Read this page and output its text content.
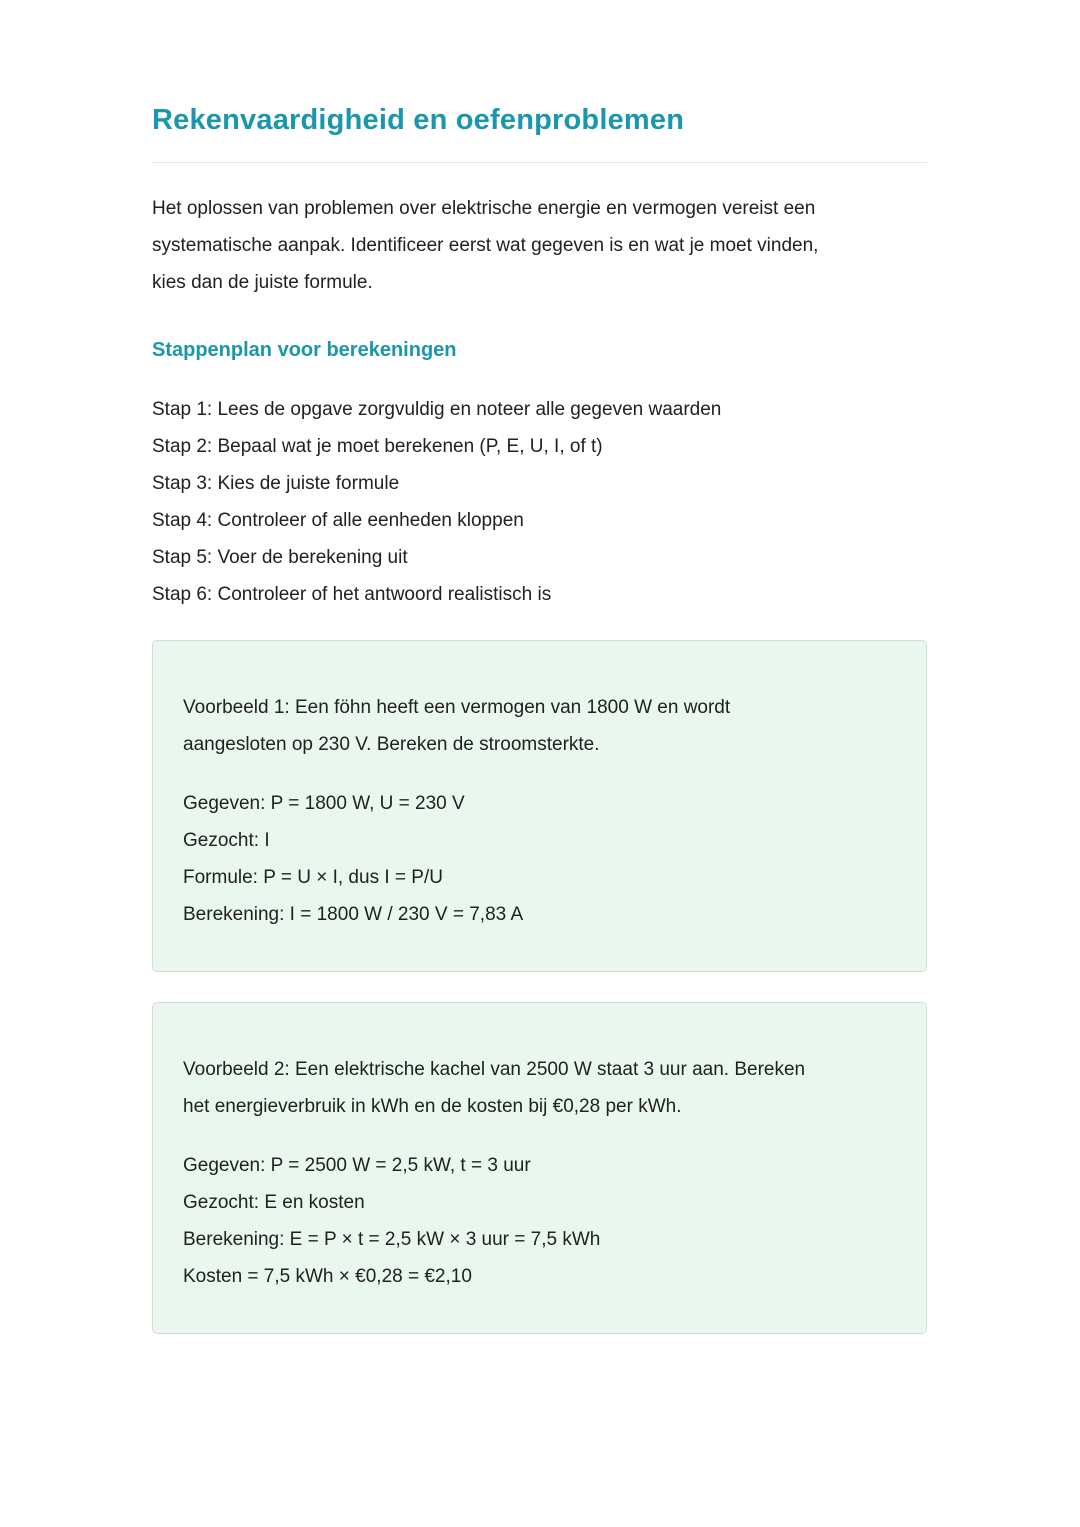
Rekenvaardigheid en oefenproblemen
Het oplossen van problemen over elektrische energie en vermogen vereist een
systematische aanpak. Identificeer eerst wat gegeven is en wat je moet vinden,
kies dan de juiste formule.
Stappenplan voor berekeningen
Stap 1: Lees de opgave zorgvuldig en noteer alle gegeven waarden
Stap 2: Bepaal wat je moet berekenen (P, E, U, I, of t)
Stap 3: Kies de juiste formule
Stap 4: Controleer of alle eenheden kloppen
Stap 5: Voer de berekening uit
Stap 6: Controleer of het antwoord realistisch is
Voorbeeld 1: Een föhn heeft een vermogen van 1800 W en wordt
aangesloten op 230 V. Bereken de stroomsterkte.
Gegeven: P = 1800 W, U = 230 V
Gezocht: I
Formule: P = U × I, dus I = P/U
Berekening: I = 1800 W / 230 V = 7,83 A
Voorbeeld 2: Een elektrische kachel van 2500 W staat 3 uur aan. Bereken
het energieverbruik in kWh en de kosten bij €0,28 per kWh.
Gegeven: P = 2500 W = 2,5 kW, t = 3 uur
Gezocht: E en kosten
Berekening: E = P × t = 2,5 kW × 3 uur = 7,5 kWh
Kosten = 7,5 kWh × €0,28 = €2,10
